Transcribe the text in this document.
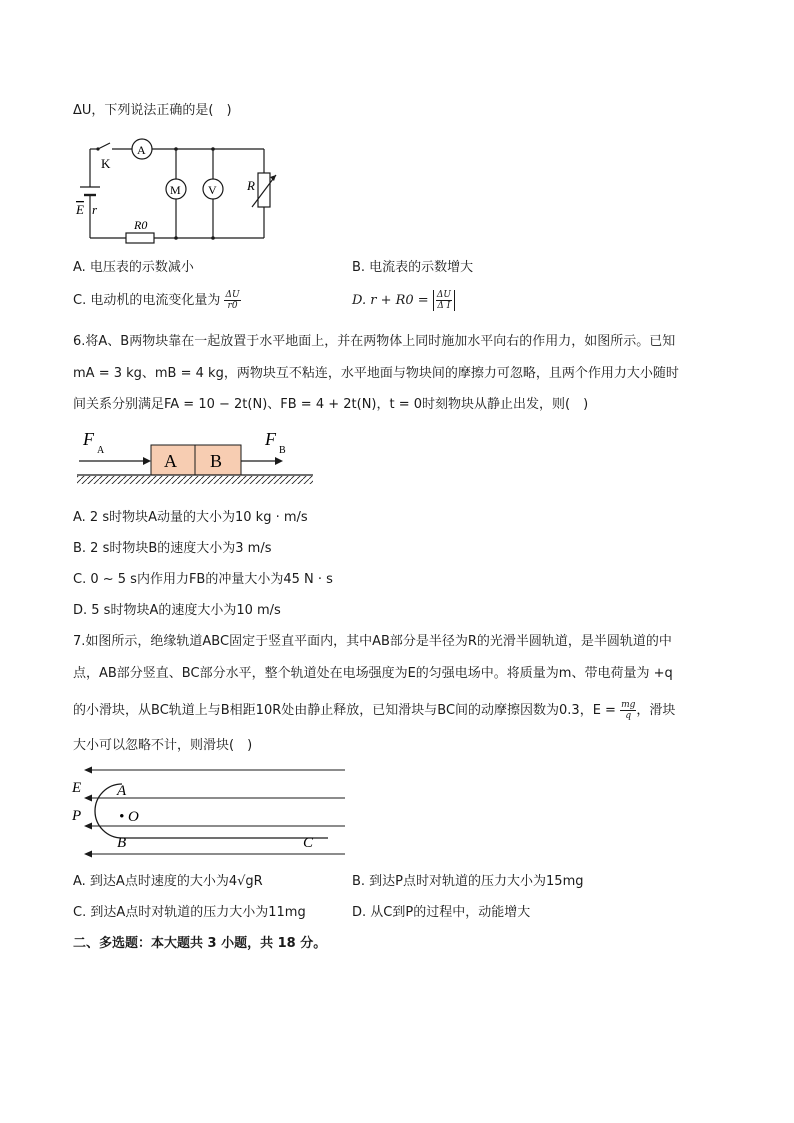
ΔU，下列说法正确的是(　)
K
A
M V R
E r
R0
A. 电压表的示数减小	B. 电流表的示数增大
C. 电动机的电流变化量为 $\frac{\Delta U}{r0}$	D. $r + R0 = \frac{\Delta U}{\text{Δ I}}$
6.将A、B两物块靠在一起放置于水平地面上，并在两物体上同时施加水平向右的作用力，如图所示。已知
mA = 3 kg、mB = 4 kg，两物块互不粘连，水平地面与物块间的摩擦力可忽略，且两个作用力大小随时
间关系分别满足FA = 10 − 2t(N)、FB = 4 + 2t(N)，t = 0时刻物块从静止出发，则(　)
F
A
F
B
A B
A. 2 s时物块A动量的大小为10 kg · m/s
B. 2 s时物块B的速度大小为3 m/s
C. 0 ~ 5 s内作用力FB的冲量大小为45 N · s
D. 5 s时物块A的速度大小为10 m/s
7.如图所示，绝缘轨道ABC固定于竖直平面内，其中AB部分是半径为R的光滑半圆轨道，是半圆轨道的中
点，AB部分竖直、BC部分水平，整个轨道处在电场强度为E的匀强电场中。将质量为m、带电荷量为 +q
的小滑块，从BC轨道上与B相距10R处由静止释放，已知滑块与BC间的动摩擦因数为0.3，$E = \frac{mg}{q}$ ，滑块
大小可以忽略不计，则滑块(　)
E A
• O
P
B	C
A. 到达A点时速度的大小为4√gR	B. 到达P点时对轨道的压力大小为15mg
C. 到达A点时对轨道的压力大小为11mg	D. 从C到P的过程中，动能增大
二、多选题：本大题共 3 小题，共 18 分。
